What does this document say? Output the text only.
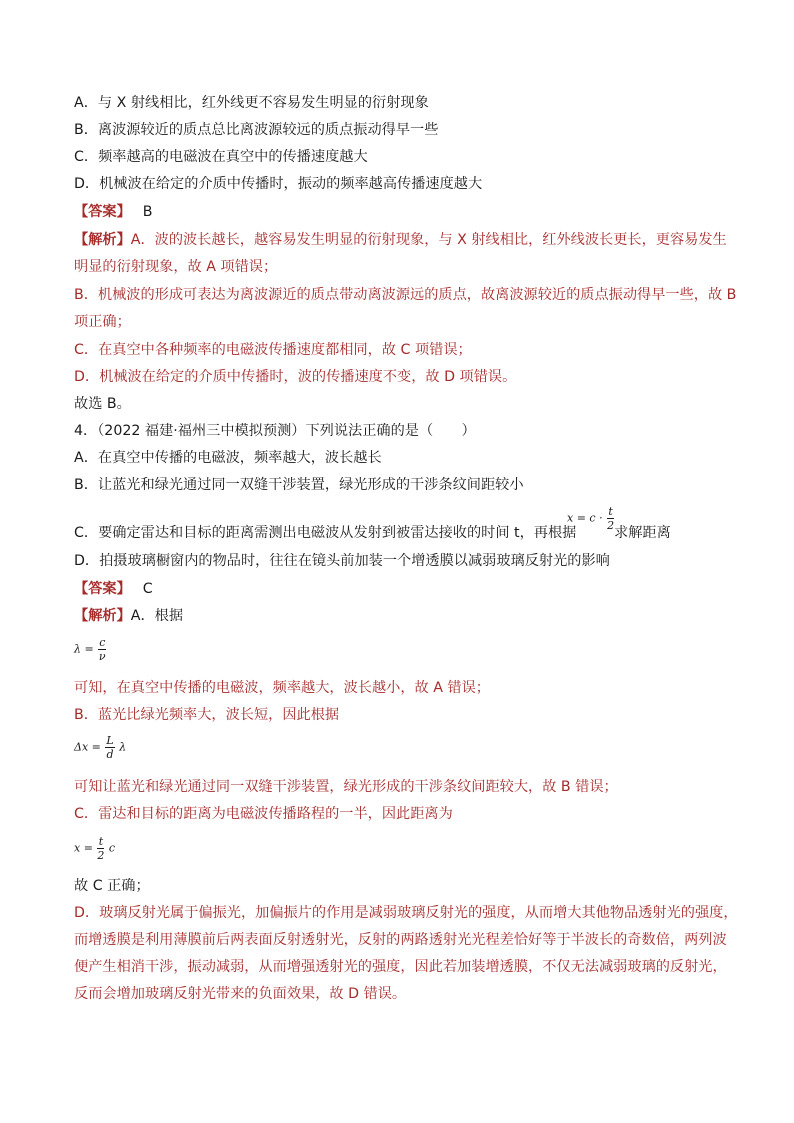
A．与 X 射线相比，红外线更不容易发生明显的衍射现象
B．离波源较近的质点总比离波源较远的质点振动得早一些
C．频率越高的电磁波在真空中的传播速度越大
D．机械波在给定的介质中传播时，振动的频率越高传播速度越大
【答案】 B
【解析】A．波的波长越长，越容易发生明显的衍射现象，与 X 射线相比，红外线波长更长，更容易发生
明显的衍射现象，故 A 项错误；
B．机械波的形成可表达为离波源近的质点带动离波源远的质点，故离波源较近的质点振动得早一些，故 B
项正确；
C．在真空中各种频率的电磁波传播速度都相同，故 C 项错误；
D．机械波在给定的介质中传播时，波的传播速度不变，故 D 项错误。
故选 B。
4．（2022 福建·福州三中模拟预测）下列说法正确的是（　　）
A．在真空中传播的电磁波，频率越大，波长越长
B．让蓝光和绿光通过同一双缝干涉装置，绿光形成的干涉条纹间距较小
C．要确定雷达和目标的距离需测出电磁波从发射到被雷达接收的时间 t，再根据
$x = c \cdot \frac{t}{2}$
求解距离
D．拍摄玻璃橱窗内的物品时，往往在镜头前加装一个增透膜以减弱玻璃反射光的影响
【答案】 C
【解析】A．根据
$\lambda = \frac{c}{\nu}$
可知，在真空中传播的电磁波，频率越大，波长越小，故 A 错误；
B．蓝光比绿光频率大，波长短，因此根据
$\Delta x = \frac{L}{d}$ λ
可知让蓝光和绿光通过同一双缝干涉装置，绿光形成的干涉条纹间距较大，故 B 错误；
C．雷达和目标的距离为电磁波传播路程的一半，因此距离为
$x = \frac{t}{2}$ c
故 C 正确；
D．玻璃反射光属于偏振光，加偏振片的作用是减弱玻璃反射光的强度，从而增大其他物品透射光的强度，
而增透膜是利用薄膜前后两表面反射透射光，反射的两路透射光光程差恰好等于半波长的奇数倍，两列波
便产生相消干涉，振动减弱，从而增强透射光的强度，因此若加装增透膜，不仅无法减弱玻璃的反射光，
反而会增加玻璃反射光带来的负面效果，故 D 错误。
